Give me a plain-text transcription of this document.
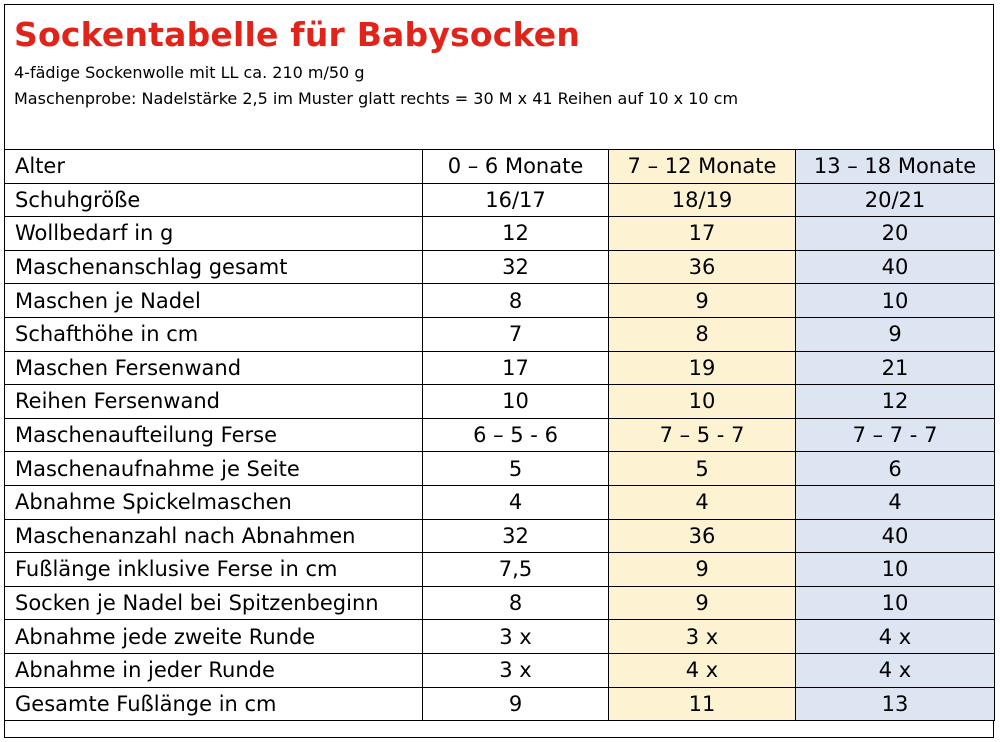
Sockentabelle für Babysocken
4-fädige Sockenwolle mit LL ca. 210 m/50 g
Maschenprobe: Nadelstärke 2,5 im Muster glatt rechts = 30 M x 41 Reihen auf 10 x 10 cm
Alter	0 – 6 Monate	7 – 12 Monate	13 – 18 Monate
Schuhgröße	16/17	18/19	20/21
Wollbedarf in g	12	17	20
Maschenanschlag gesamt	32	36	40
Maschen je Nadel	8	9	10
Schafthöhe in cm	7	8	9
Maschen Fersenwand	17	19	21
Reihen Fersenwand	10	10	12
Maschenaufteilung Ferse	6 – 5 - 6	7 – 5 - 7	7 – 7 - 7
Maschenaufnahme je Seite	5	5	6
Abnahme Spickelmaschen	4	4	4
Maschenanzahl nach Abnahmen	32	36	40
Fußlänge inklusive Ferse in cm	7,5	9	10
Socken je Nadel bei Spitzenbeginn	8	9	10
Abnahme jede zweite Runde	3 x	3 x	4 x
Abnahme in jeder Runde	3 x	4 x	4 x
Gesamte Fußlänge in cm	9	11	13
